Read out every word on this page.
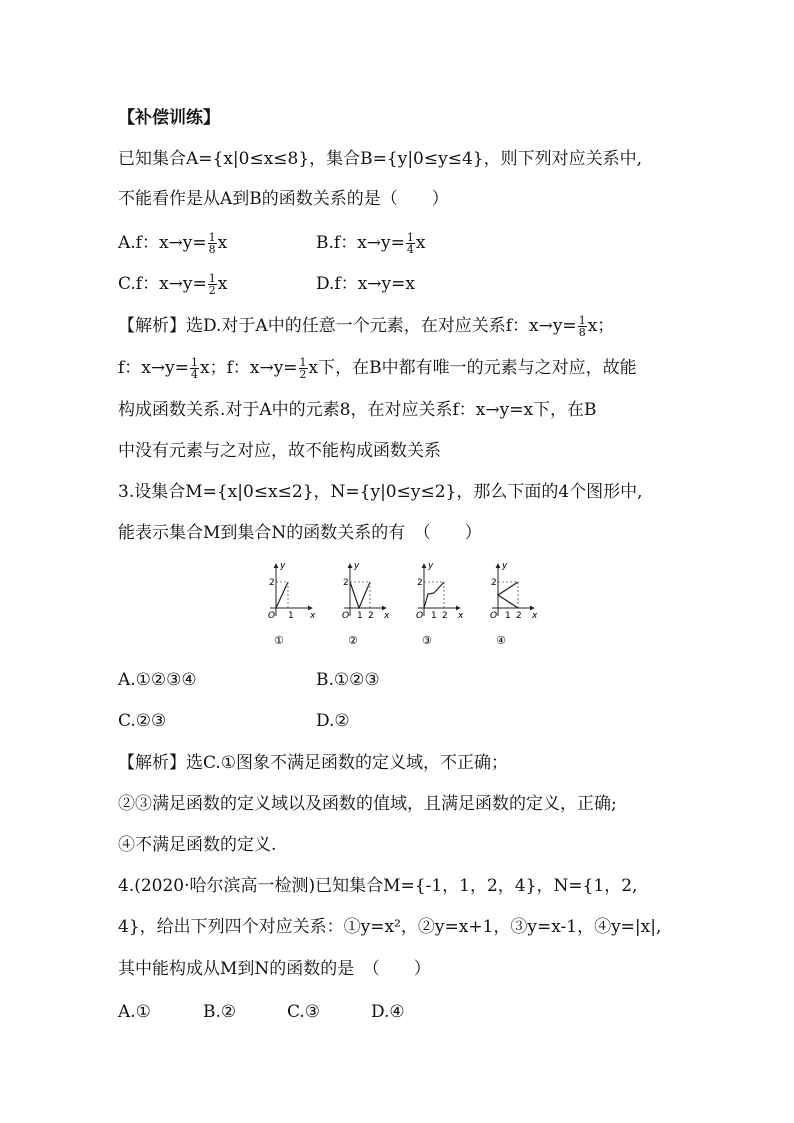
【补偿训练】
已知集合A={x|0≤x≤8}，集合B={y|0≤y≤4}，则下列对应关系中,
不能看作是从A到B的函数关系的是（　　）
A.f：$x\to y= \frac{1}{8}$ x	B.f：$x\to y= \frac{1}{4}$ x
C.f：$x\to y= \frac{1}{2}$ x	D.f：x→y=x
【解析】选D.对于A中的任意一个元素，在对应关系f：$x\to y= \frac{1}{8}$ x；
f：$x\to y= \frac{1}{4}$ x；f：$x\to y= \frac{1}{2}$ x下，在B中都有唯一的元素与之对应，故能
构成函数关系.对于A中的元素8，在对应关系f：x→y=x下，在B
中没有元素与之对应，故不能构成函数关系
3.设集合M={x|0≤x≤2}，N={y|0≤y≤2}，那么下面的4个图形中,
能表示集合M到集合N的函数关系的有　（　　）
O
y
x
2
1	O
y
x
2
1 2	O
y
x
2
1 2	O
y
x
2
1 2
①	②	③	④
A.①②③④	B.①②③
C.②③	D.②
【解析】选C.①图象不满足函数的定义域，不正确；
②③满足函数的定义域以及函数的值域，且满足函数的定义，正确;
④不满足函数的定义.
4.(2020·哈尔滨高一检测)已知集合M={-1，1，2，4}，N={1，2,
4}，给出下列四个对应关系：①y=x²，②y=x+1，③y=x-1，④y=|x|,
其中能构成从M到N的函数的是　（　　）
A.①	B.②	C.③	D.④
